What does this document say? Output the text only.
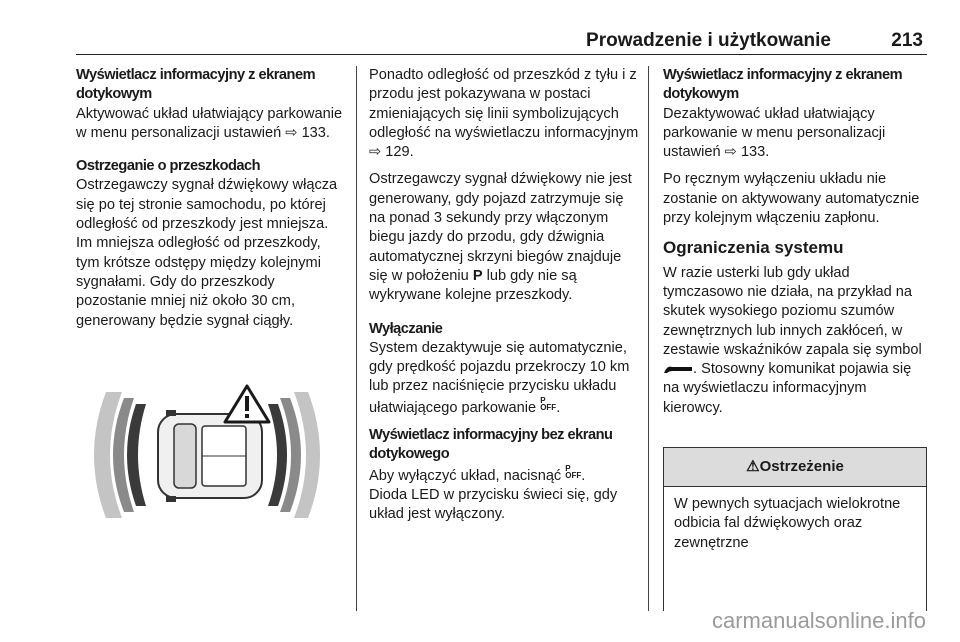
Prowadzenie i użytkowanie	213
Wyświetlacz informacyjny z ekranem dotykowym

Aktywować układ ułatwiający parkowanie w menu personalizacji ustawień ⇨ 133.

Ostrzeganie o przeszkodach

Ostrzegawczy sygnał dźwiękowy włącza się po tej stronie samochodu, po której odległość od przeszkody jest mniejsza. Im mniejsza odległość od przeszkody, tym krótsze odstępy między kolejnymi sygnałami. Gdy do przeszkody pozostanie mniej niż około 30 cm, generowany będzie sygnał ciągły.

Ponadto odległość od przeszkód z tyłu i z przodu jest pokazywana w postaci zmieniających się linii symbolizujących odległość na wyświetlaczu informacyjnym ⇨ 129.

Ostrzegawczy sygnał dźwiękowy nie jest generowany, gdy pojazd zatrzymuje się na ponad 3 sekundy przy włączonym biegu jazdy do przodu, gdy dźwignia automatycznej skrzyni biegów znajduje się w położeniu P lub gdy nie są wykrywane kolejne przeszkody.

Wyłączanie

System dezaktywuje się automatycznie, gdy prędkość pojazdu przekroczy 10 km lub przez naciśnięcie przycisku układu ułatwiającego parkowanie P
OFF.

Wyświetlacz informacyjny bez ekranu dotykowego

Aby wyłączyć układ, nacisnąć P
OFF.

Dioda LED w przycisku świeci się, gdy układ jest wyłączony.

Wyświetlacz informacyjny z ekranem dotykowym

Dezaktywować układ ułatwiający parkowanie w menu personalizacji ustawień ⇨ 133.

Po ręcznym wyłączeniu układu nie zostanie on aktywowany automatycznie przy kolejnym włączeniu zapłonu.

Ograniczenia systemu

W razie usterki lub gdy układ tymczasowo nie działa, na przykład na skutek wysokiego poziomu szumów zewnętrznych lub innych zakłóceń, w zestawie wskaźników zapala się symbol . Stosowny komunikat pojawia się na wyświetlaczu informacyjnym kierowcy.

⚠Ostrzeżenie
W pewnych sytuacjach wielokrotne odbicia fal dźwiękowych oraz zewnętrzne
carmanualsonline.info
